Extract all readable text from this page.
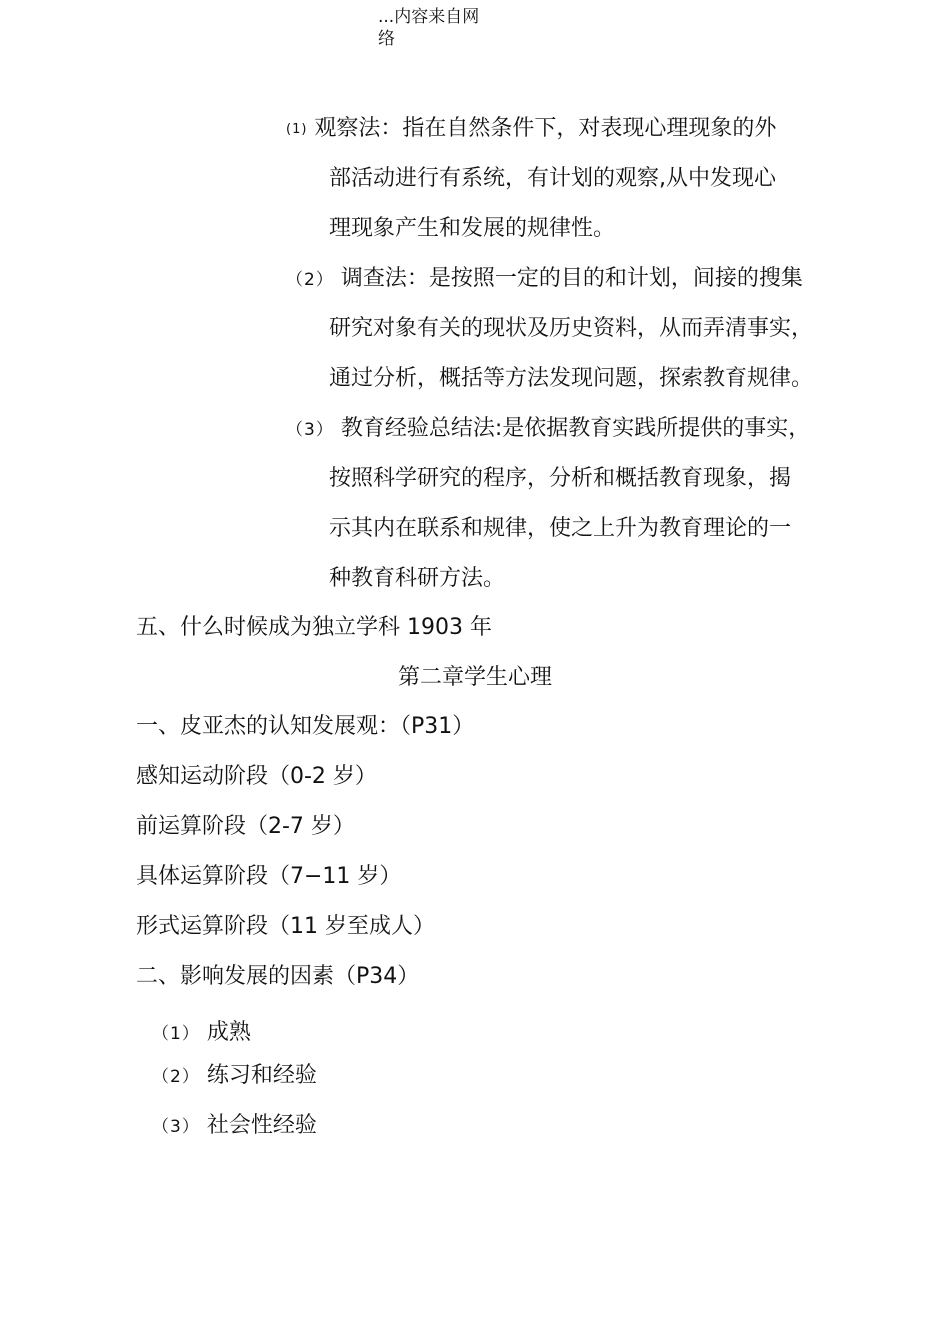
...内容来自网
络
(1) 观察法：指在自然条件下，对表现心理现象的外
部活动进行有系统，有计划的观察,从中发现心
理现象产生和发展的规律性。
（2） 调查法：是按照一定的目的和计划，间接的搜集
研究对象有关的现状及历史资料，从而弄清事实，
通过分析，概括等方法发现问题，探索教育规律。
（3） 教育经验总结法:是依据教育实践所提供的事实，
按照科学研究的程序，分析和概括教育现象，揭
示其内在联系和规律，使之上升为教育理论的一
种教育科研方法。
五、什么时候成为独立学科 1903 年
第二章学生心理
一、皮亚杰的认知发展观：（P31）
感知运动阶段（0-2 岁）
前运算阶段（2-7 岁）
具体运算阶段（7−11 岁）
形式运算阶段（11 岁至成人）
二、影响发展的因素（P34）
（1） 成熟
（2） 练习和经验
（3） 社会性经验
